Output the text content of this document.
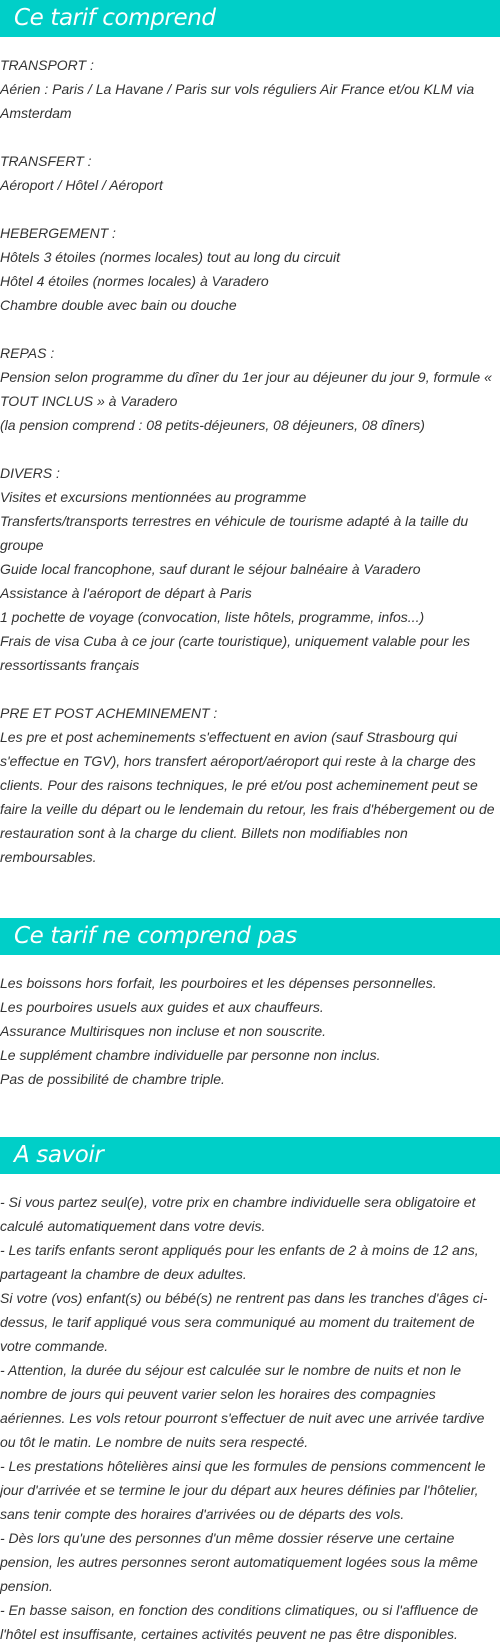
Ce tarif comprend
TRANSPORT :
Aérien : Paris / La Havane / Paris sur vols réguliers Air France et/ou KLM via Amsterdam
TRANSFERT :
Aéroport / Hôtel / Aéroport
HEBERGEMENT :
Hôtels 3 étoiles (normes locales) tout au long du circuit
Hôtel 4 étoiles (normes locales) à Varadero
Chambre double avec bain ou douche
REPAS :
Pension selon programme du dîner du 1er jour au déjeuner du jour 9, formule « TOUT INCLUS » à Varadero
(la pension comprend : 08 petits-déjeuners, 08 déjeuners, 08 dîners)
DIVERS :
Visites et excursions mentionnées au programme
Transferts/transports terrestres en véhicule de tourisme adapté à la taille du groupe
Guide local francophone, sauf durant le séjour balnéaire à Varadero
Assistance à l'aéroport de départ à Paris
1 pochette de voyage (convocation, liste hôtels, programme, infos...)
Frais de visa Cuba à ce jour (carte touristique), uniquement valable pour les ressortissants français
PRE ET POST ACHEMINEMENT :
Les pre et post acheminements s'effectuent en avion (sauf Strasbourg qui s'effectue en TGV), hors transfert aéroport/aéroport qui reste à la charge des clients. Pour des raisons techniques, le pré et/ou post acheminement peut se faire la veille du départ ou le lendemain du retour, les frais d'hébergement ou de restauration sont à la charge du client. Billets non modifiables non remboursables.
Ce tarif ne comprend pas
Les boissons hors forfait, les pourboires et les dépenses personnelles.
Les pourboires usuels aux guides et aux chauffeurs.
Assurance Multirisques non incluse et non souscrite.
Le supplément chambre individuelle par personne non inclus.
Pas de possibilité de chambre triple.
A savoir
- Si vous partez seul(e), votre prix en chambre individuelle sera obligatoire et calculé automatiquement dans votre devis.
- Les tarifs enfants seront appliqués pour les enfants de 2 à moins de 12 ans, partageant la chambre de deux adultes.
Si votre (vos) enfant(s) ou bébé(s) ne rentrent pas dans les tranches d'âges ci-dessus, le tarif appliqué vous sera communiqué au moment du traitement de votre commande.
- Attention, la durée du séjour est calculée sur le nombre de nuits et non le nombre de jours qui peuvent varier selon les horaires des compagnies aériennes. Les vols retour pourront s'effectuer de nuit avec une arrivée tardive ou tôt le matin. Le nombre de nuits sera respecté.
- Les prestations hôtelières ainsi que les formules de pensions commencent le jour d'arrivée et se termine le jour du départ aux heures définies par l'hôtelier, sans tenir compte des horaires d'arrivées ou de départs des vols.
- Dès lors qu'une des personnes d'un même dossier réserve une certaine pension, les autres personnes seront automatiquement logées sous la même pension.
- En basse saison, en fonction des conditions climatiques, ou si l'affluence de l'hôtel est insuffisante, certaines activités peuvent ne pas être disponibles.
